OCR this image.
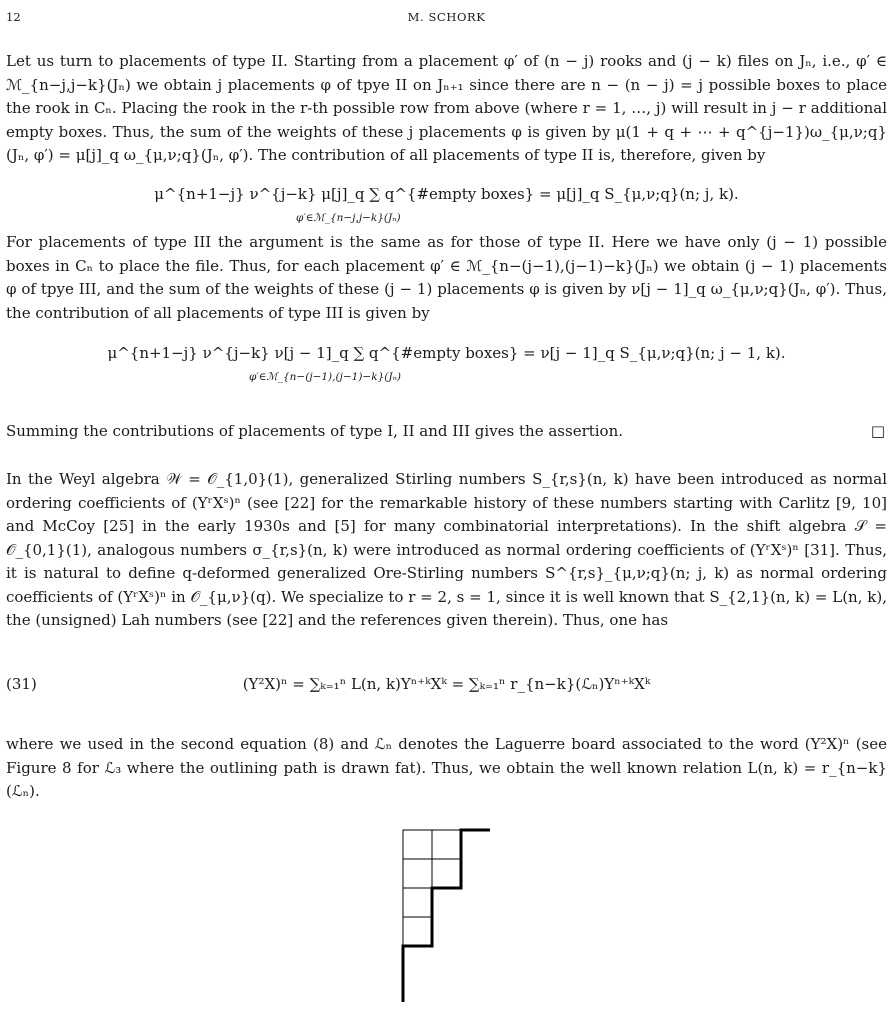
12	M. SCHORK

Let us turn to placements of type II. Starting from a placement φ′ of (n − j) rooks and (j − k) files on Jₙ, i.e., φ′ ∈ ℳ_{n−j,j−k}(Jₙ) we obtain j placements φ of tpye II on Jₙ₊₁ since there are n − (n − j) = j possible boxes to place the rook in Cₙ. Placing the rook in the r-th possible row from above (where r = 1, …, j) will result in j − r additional empty boxes. Thus, the sum of the weights of these j placements φ is given by μ(1 + q + ⋯ + q^{j−1})ω_{μ,ν;q}(Jₙ, φ′) = μ[j]_q ω_{μ,ν;q}(Jₙ, φ′). The contribution of all placements of type II is, therefore, given by

μ^{n+1−j} ν^{j−k} μ[j]_q ∑ q^{#empty boxes} = μ[j]_q S_{μ,ν;q}(n; j, k).
φ′∈ℳ_{n−j,j−k}(Jₙ)

For placements of type III the argument is the same as for those of type II. Here we have only (j − 1) possible boxes in Cₙ to place the file. Thus, for each placement φ′ ∈ ℳ_{n−(j−1),(j−1)−k}(Jₙ) we obtain (j − 1) placements φ of tpye III, and the sum of the weights of these (j − 1) placements φ is given by ν[j − 1]_q ω_{μ,ν;q}(Jₙ, φ′). Thus, the contribution of all placements of type III is given by

μ^{n+1−j} ν^{j−k} ν[j − 1]_q ∑ q^{#empty boxes} = ν[j − 1]_q S_{μ,ν;q}(n; j − 1, k).
φ′∈ℳ_{n−(j−1),(j−1)−k}(Jₙ)

Summing the contributions of placements of type I, II and III gives the assertion.	□

In the Weyl algebra 𝒲 = 𝒪_{1,0}(1), generalized Stirling numbers S_{r,s}(n, k) have been introduced as normal ordering coefficients of (YʳXˢ)ⁿ (see [22] for the remarkable history of these numbers starting with Carlitz [9, 10] and McCoy [25] in the early 1930s and [5] for many combinatorial interpretations). In the shift algebra 𝒮 = 𝒪_{0,1}(1), analogous numbers σ_{r,s}(n, k) were introduced as normal ordering coefficients of (YʳXˢ)ⁿ [31]. Thus, it is natural to define q-deformed generalized Ore-Stirling numbers S^{r,s}_{μ,ν;q}(n; j, k) as normal ordering coefficients of (YʳXˢ)ⁿ in 𝒪_{μ,ν}(q). We specialize to r = 2, s = 1, since it is well known that S_{2,1}(n, k) = L(n, k), the (unsigned) Lah numbers (see [22] and the references given therein). Thus, one has

(31)	(Y²X)ⁿ = ∑ₖ₌₁ⁿ L(n, k)Yⁿ⁺ᵏXᵏ = ∑ₖ₌₁ⁿ r_{n−k}(ℒₙ)Yⁿ⁺ᵏXᵏ

where we used in the second equation (8) and ℒₙ denotes the Laguerre board associated to the word (Y²X)ⁿ (see Figure 8 for ℒ₃ where the outlining path is drawn fat). Thus, we obtain the well known relation L(n, k) = r_{n−k}(ℒₙ).
